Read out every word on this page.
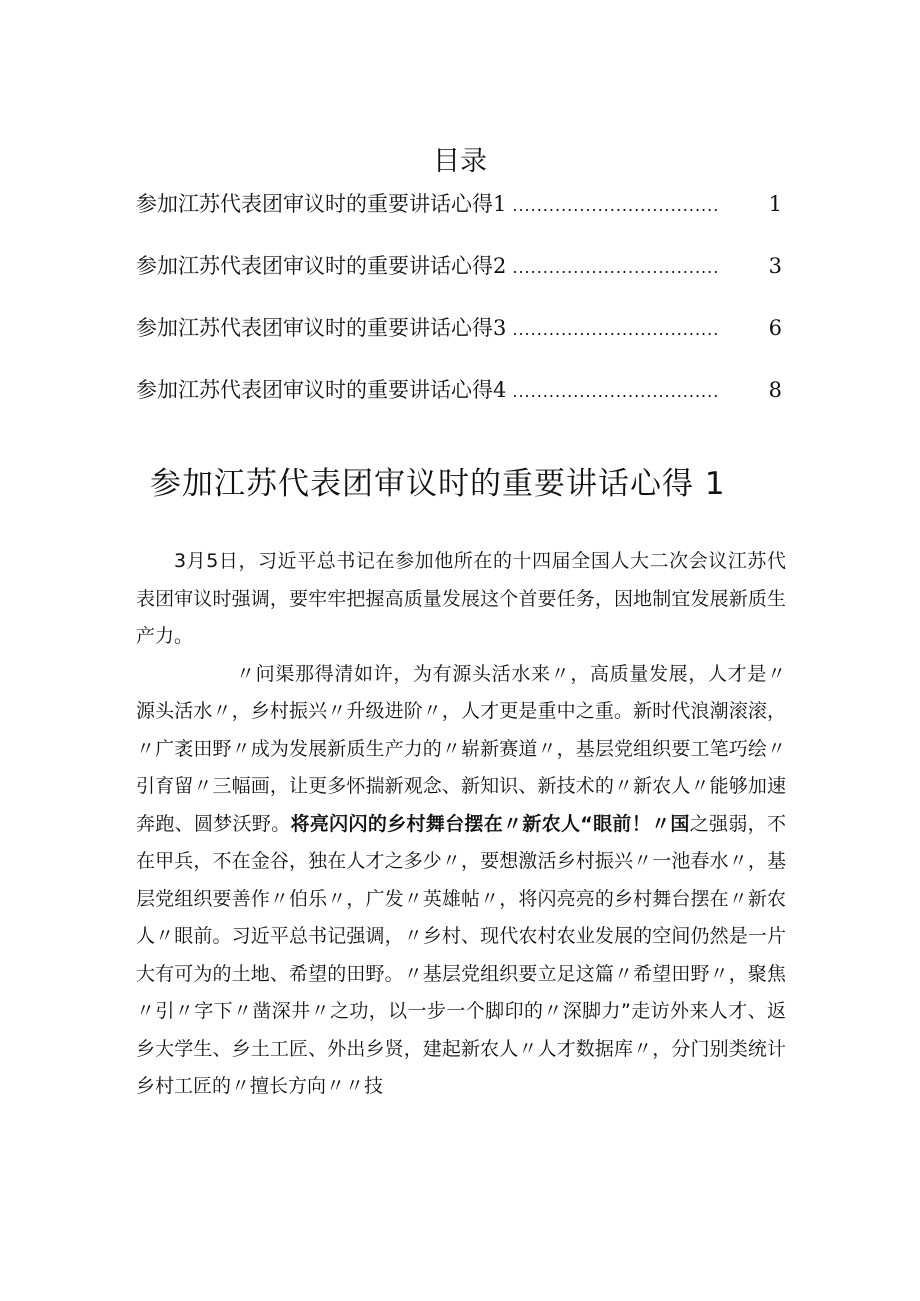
目录
参加江苏代表团审议时的重要讲话心得 1 ..................................	1
参加江苏代表团审议时的重要讲话心得 2 ..................................	3
参加江苏代表团审议时的重要讲话心得 3 ..................................	6
参加江苏代表团审议时的重要讲话心得 4 ..................................	8
参加江苏代表团审议时的重要讲话心得 1

3月5日，习近平总书记在参加他所在的十四届全国人大二次会议江苏代表团审议时强调，要牢牢把握高质量发展这个首要任务，因地制宜发展新质生产力。

〃问渠那得清如许，为有源头活水来〃，高质量发展，人才是〃源头活水〃，乡村振兴〃升级进阶〃，人才更是重中之重。新时代浪潮滚滚，〃广袤田野〃成为发展新质生产力的〃崭新赛道〃，基层党组织要工笔巧绘〃引育留〃三幅画，让更多怀揣新观念、新知识、新技术的〃新农人〃能够加速奔跑、圆梦沃野。将亮闪闪的乡村舞台摆在〃新农人“眼前！〃国之强弱，不在甲兵，不在金谷，独在人才之多少〃，要想激活乡村振兴〃一池春水〃，基层党组织要善作〃伯乐〃，广发〃英雄帖〃，将闪亮亮的乡村舞台摆在〃新农人〃眼前。习近平总书记强调，〃乡村、现代农村农业发展的空间仍然是一片大有可为的土地、希望的田野。〃基层党组织要立足这篇〃希望田野〃，聚焦〃引〃字下〃凿深井〃之功，以一步一个脚印的〃深脚力”走访外来人才、返乡大学生、乡土工匠、外出乡贤，建起新农人〃人才数据库〃，分门别类统计乡村工匠的〃擅长方向〃〃技
